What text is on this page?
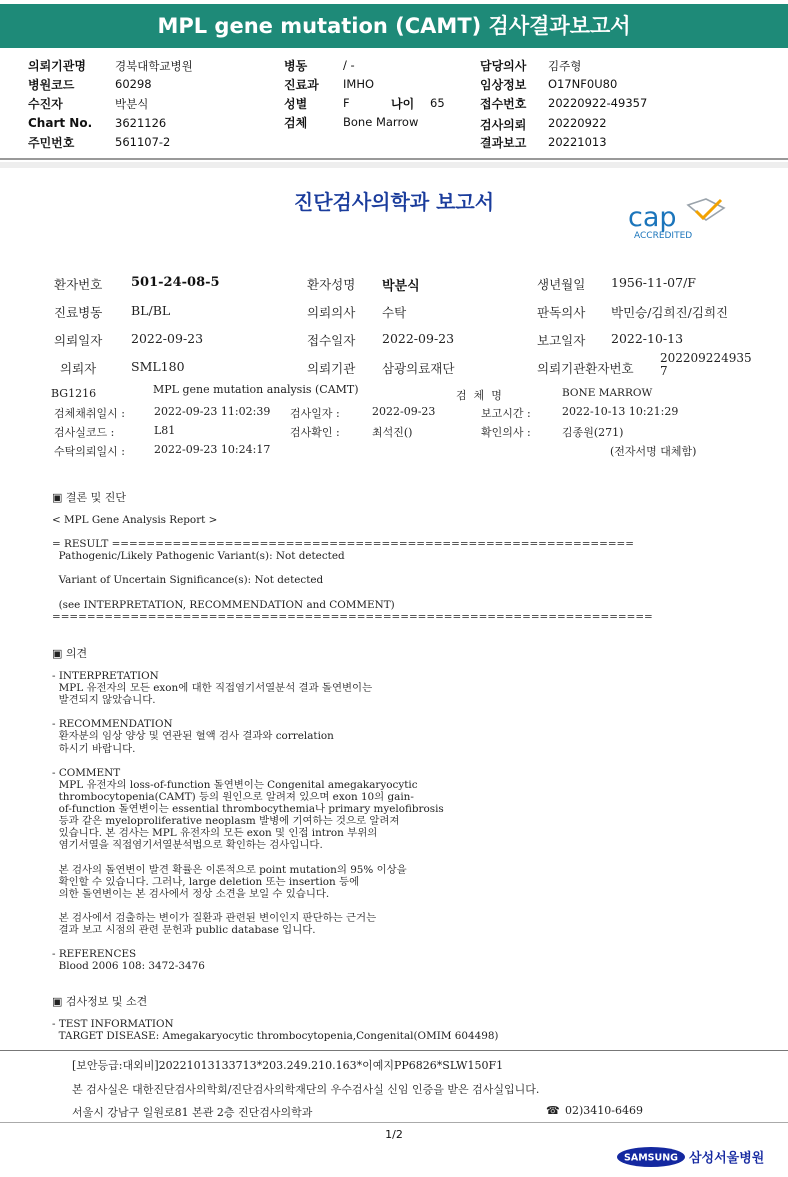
MPL gene mutation (CAMT) 검사결과보고서
의뢰기관명	경북대학교병원
병원코드	60298
수진자	박분식
Chart No. 3621126
주민번호	561107-2
병동	/ -
진료과 IMHO
성별	F	나이 65
검체	Bone Marrow
담당의사 김주형
임상정보 O17NF0U80
접수번호 20220922-49357
검사의뢰 20220922
결과보고 20221013
진단검사의학과 보고서	cap
ACCREDITED
환자번호 501-24-08-5	환자성명 박분식	생년월일 1956-11-07/F
진료병동 BL/BL	의뢰의사 수탁	판독의사 박민승/김희진/김희진
의뢰일자 2022-09-23	접수일자 2022-09-23	보고일자 2022-10-13
의뢰자	SML180	의뢰기관 삼광의료재단	의뢰기관환자번호
202209224935
7
BG1216	MPL gene mutation analysis (CAMT)	검  체  명	BONE MARROW
검체채취일시 :	2022-09-23 11:02:39 검사일자 :	2022-09-23	보고시간 :	2022-10-13 10:21:29
검사실코드 :	L81	검사확인 :	최석진()	확인의사 :	김종원(271)
수탁의뢰일시 :	2022-09-23 10:24:17	(전자서명 대체함)
▣ 결론 및 진단
< MPL Gene Analysis Report >

= RESULT ============================================================
Pathogenic/Likely Pathogenic Variant(s): Not detected

Variant of Uncertain Significance(s): Not detected

(see INTERPRETATION, RECOMMENDATION and COMMENT)
=====================================================================
▣ 의견
- INTERPRETATION
MPL 유전자의 모든 exon에 대한 직접염기서열분석 결과 돌연변이는
발견되지 않았습니다.

- RECOMMENDATION
환자분의 임상 양상 및 연관된 혈액 검사 결과와 correlation
하시기 바랍니다.

- COMMENT
MPL 유전자의 loss-of-function 돌연변이는 Congenital amegakaryocytic
thrombocytopenia(CAMT) 등의 원인으로 알려져 있으며 exon 10의 gain-
of-function 돌연변이는 essential thrombocythemia나 primary myelofibrosis
등과 같은 myeloproliferative neoplasm 발병에 기여하는 것으로 알려져
있습니다. 본 검사는 MPL 유전자의 모든 exon 및 인접 intron 부위의
염기서열을 직접염기서열분석법으로 확인하는 검사입니다.

본 검사의 돌연변이 발견 확률은 이론적으로 point mutation의 95% 이상을
확인할 수 있습니다. 그러나, large deletion 또는 insertion 등에
의한 돌연변이는 본 검사에서 정상 소견을 보일 수 있습니다.

본 검사에서 검출하는 변이가 질환과 관련된 변이인지 판단하는 근거는
결과 보고 시점의 관련 문헌과 public database 입니다.

- REFERENCES
Blood 2006 108: 3472-3476
▣ 검사정보 및 소견
- TEST INFORMATION
TARGET DISEASE: Amegakaryocytic thrombocytopenia,Congenital(OMIM 604498)
[보안등급:대외비]20221013133713*203.249.210.163*이예지PP6826*SLW150F1
본 검사실은 대한진단검사의학회/진단검사의학재단의 우수검사실 신임 인증을 받은 검사실입니다.
서울시 강남구 일원로81 본관 2층 진단검사의학과	☎ 02)3410-6469
1/2
SAMSUNG 삼성서울병원
